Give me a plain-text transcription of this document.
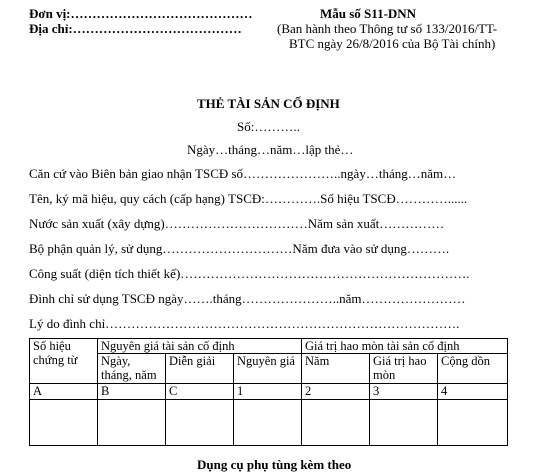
Đơn vị:……………………………………
Địa chỉ:…………………………………
Mẫu số S11-DNN
(Ban hành theo Thông tư số 133/2016/TT-
BTC ngày 26/8/2016 của Bộ Tài chính)
THẺ TÀI SẢN CỐ ĐỊNH
Số:………..
Ngày…tháng…năm…lập thẻ…
Căn cứ vào Biên bản giao nhận TSCĐ số…………………..ngày…tháng…năm…
Tên, ký mã hiệu, quy cách (cấp hạng) TSCĐ:………….Số hiệu TSCĐ…………......
Nước sản xuất (xây dựng)……………………………Năm sản xuất……………
Bộ phận quản lý, sử dụng…………………………Năm đưa vào sử dụng……….
Công suất (diện tích thiết kế)………………………………………………………….
Đình chỉ sử dụng TSCĐ ngày…….tháng…………………..năm……………………
Lý do đình chỉ……………………………………………………………………….
Số hiệu chứng từ	Nguyên giá tài sản cố định			Giá trị hao mòn tài sản cố định		
	Ngày, tháng, năm	Diễn giải	Nguyên giá	Năm	Giá trị hao mòn	Cộng dồn
A	B	C	1	2	3	4

Dụng cụ phụ tùng kèm theo
